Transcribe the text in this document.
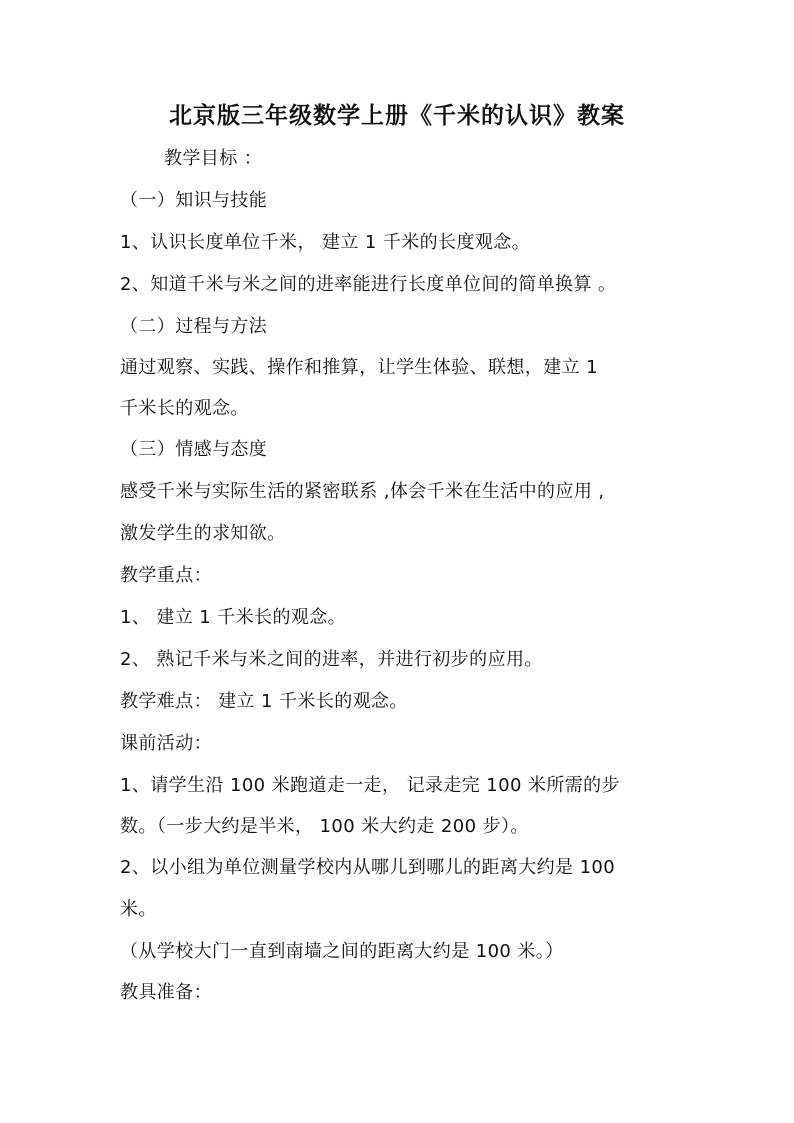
北京版三年级数学上册《千米的认识》教案
教学目标 ：
（一）知识与技能
1、认识长度单位千米， 建立 1 千米的长度观念。
2、知道千米与米之间的进率能进行长度单位间的简单换算 。
（二）过程与方法
通过观察、实践、操作和推算，让学生体验、联想，建立 1
千米长的观念。
（三）情感与态度
感受千米与实际生活的紧密联系 ,体会千米在生活中的应用 ,
激发学生的求知欲。
教学重点：
1、 建立 1 千米长的观念。
2、 熟记千米与米之间的进率，并进行初步的应用。
教学难点： 建立 1 千米长的观念。
课前活动：
1、请学生沿 100 米跑道走一走， 记录走完 100 米所需的步
数。（一步大约是半米， 100 米大约走 200 步）。
2、以小组为单位测量学校内从哪儿到哪儿的距离大约是 100
米。
（从学校大门一直到南墙之间的距离大约是 100 米。）
教具准备：
